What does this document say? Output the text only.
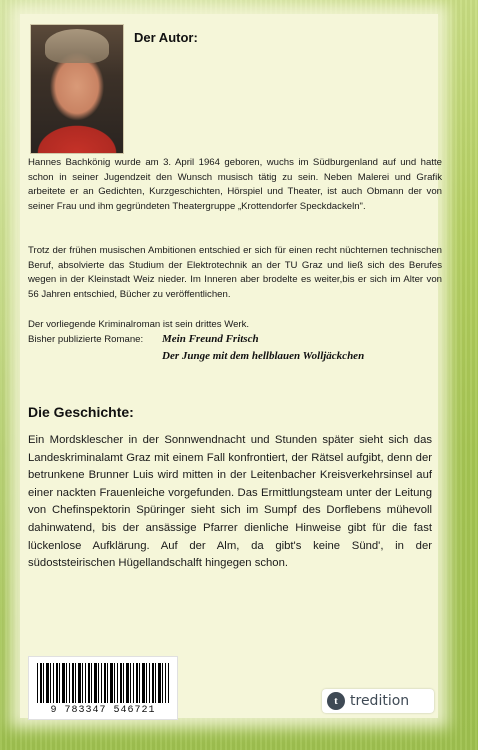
Der Autor:

Hannes Bachkönig wurde am 3. April 1964 geboren, wuchs im Südburgenland auf und hatte schon in seiner Jugendzeit den Wunsch musisch tätig zu sein. Neben Malerei und Grafik arbeitete er an Gedichten, Kurzgeschichten, Hörspiel und Theater, ist auch Obmann der von seiner Frau und ihm gegründeten Theatergruppe „Krottendorfer Speckdackeln".

Trotz der frühen musischen Ambitionen entschied er sich für einen recht nüchternen technischen Beruf, absolvierte das Studium der Elektrotechnik an der TU Graz und ließ sich des Berufes wegen in der Kleinstadt Weiz nieder. Im Inneren aber brodelte es weiter,bis er sich im Alter von 56 Jahren entschied, Bücher zu veröffentlichen.

Der vorliegende Kriminalroman ist sein drittes Werk.

Bisher publizierte Romane: Mein Freund Fritsch
Der Junge mit dem hellblauen Wolljäckchen
Die Geschichte:

Ein Mordsklescher in der Sonnwendnacht und Stunden später sieht sich das Landeskriminalamt Graz mit einem Fall konfrontiert, der Rätsel aufgibt, denn der betrunkene Brunner Luis wird mitten in der Leitenbacher Kreisverkehrsinsel auf einer nackten Frauenleiche vorgefunden. Das Ermittlungsteam unter der Leitung von Chefinspektorin Spüringer sieht sich im Sumpf des Dorflebens mühevoll dahinwatend, bis der ansässige Pfarrer dienliche Hinweise gibt für die fast lückenlose Aufklärung. Auf der Alm, da gibt's keine Sünd', in der südoststeirischen Hügellandschalft hingegen schon.

9 783347 546721
t tredition
